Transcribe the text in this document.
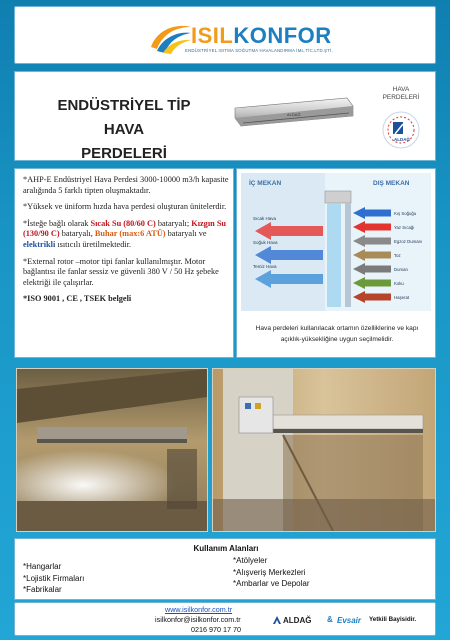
ISILKONFOR
ENDÜSTRİYEL ISITMA SOĞUTMA HAVALANDIRMA İML.TİC.LTD.ŞTİ.
ENDÜSTRİYEL TİP HAVA
PERDELERİ
ALDAĞ
HAVA
PERDELERİ
ALDAĞ

*AHP-E Endüstriyel Hava Perdesi 3000-10000 m3/h kapasite aralığında 5 farklı tipten oluşmaktadır.

*Yüksek ve üniform hızda hava perdesi oluşturan ünitelerdir.

*İsteğe bağlı olarak Sıcak Su (80/60 C) bataryalı; Kızgın Su (130/90 C) bataryalı, Buhar (max:6 ATÜ) bataryalı ve elektrikli ısıtıcılı üretilmektedir.

*External rotor –motor tipi fanlar kullanılmıştır. Motor bağlantısı ile fanlar sessiz ve güvenli 380 V / 50 Hz şebeke elektriği ile çalışırlar.

*ISO 9001 , CE , TSEK belgeli

İÇ MEKAN	DIŞ MEKAN
Sıcak Hava
Soğuk Hava
Temiz Hava
Kış Soğuğu
Yaz Sıcağı
Egzoz Dumanı
Toz
Duman
Koku
Haşerat
Hava perdeleri kullanılacak ortamın özelliklerine ve kapı açıklık-yüksekliğine uygun seçilmelidir.
Kullanım Alanları
*Hangarlar
*Lojistik Firmaları
*Fabrikalar
*Atölyeler
*Alışveriş Merkezleri
*Ambarlar ve Depolar
www.isilkonfor.com.tr
isilkonfor@isilkonfor.com.tr
0216 970 17 70
ALDAĞ & Evsair Yetkili Bayisidir.
